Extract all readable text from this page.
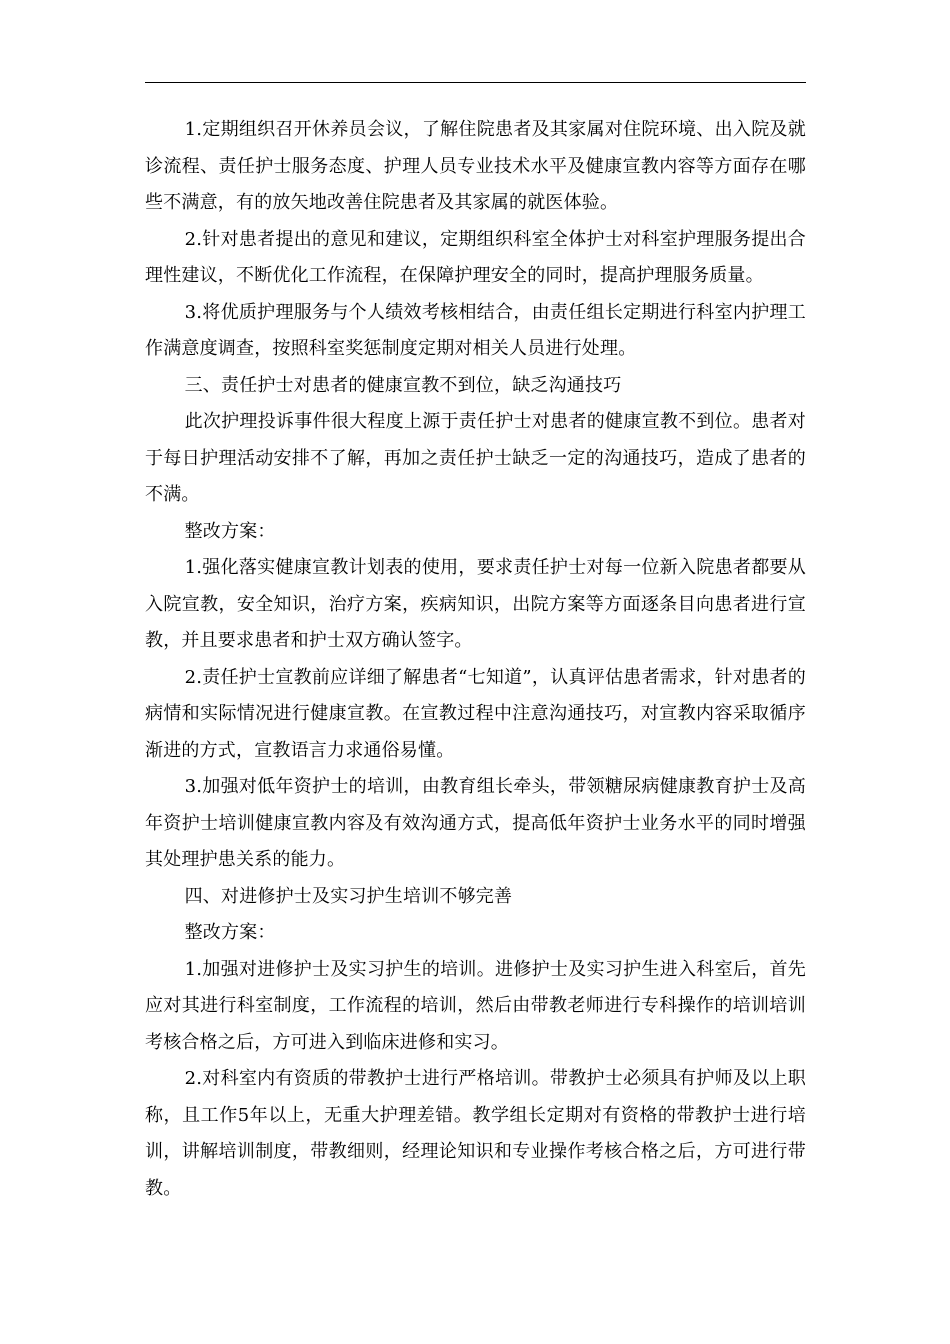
1.定期组织召开休养员会议，了解住院患者及其家属对住院环境、出入院及就诊流程、责任护士服务态度、护理人员专业技术水平及健康宣教内容等方面存在哪些不满意，有的放矢地改善住院患者及其家属的就医体验。

2.针对患者提出的意见和建议，定期组织科室全体护士对科室护理服务提出合理性建议，不断优化工作流程，在保障护理安全的同时，提高护理服务质量。

3.将优质护理服务与个人绩效考核相结合，由责任组长定期进行科室内护理工作满意度调查，按照科室奖惩制度定期对相关人员进行处理。

三、责任护士对患者的健康宣教不到位，缺乏沟通技巧

此次护理投诉事件很大程度上源于责任护士对患者的健康宣教不到位。患者对于每日护理活动安排不了解，再加之责任护士缺乏一定的沟通技巧，造成了患者的不满。

整改方案：

1.强化落实健康宣教计划表的使用，要求责任护士对每一位新入院患者都要从入院宣教，安全知识，治疗方案，疾病知识，出院方案等方面逐条目向患者进行宣教，并且要求患者和护士双方确认签字。

2.责任护士宣教前应详细了解患者“七知道”，认真评估患者需求，针对患者的病情和实际情况进行健康宣教。在宣教过程中注意沟通技巧，对宣教内容采取循序渐进的方式，宣教语言力求通俗易懂。

3.加强对低年资护士的培训，由教育组长牵头，带领糖尿病健康教育护士及高年资护士培训健康宣教内容及有效沟通方式，提高低年资护士业务水平的同时增强其处理护患关系的能力。

四、对进修护士及实习护生培训不够完善

整改方案：

1.加强对进修护士及实习护生的培训。进修护士及实习护生进入科室后，首先应对其进行科室制度，工作流程的培训，然后由带教老师进行专科操作的培训培训考核合格之后，方可进入到临床进修和实习。

2.对科室内有资质的带教护士进行严格培训。带教护士必须具有护师及以上职称，且工作5年以上，无重大护理差错。教学组长定期对有资格的带教护士进行培训，讲解培训制度，带教细则，经理论知识和专业操作考核合格之后，方可进行带教。
